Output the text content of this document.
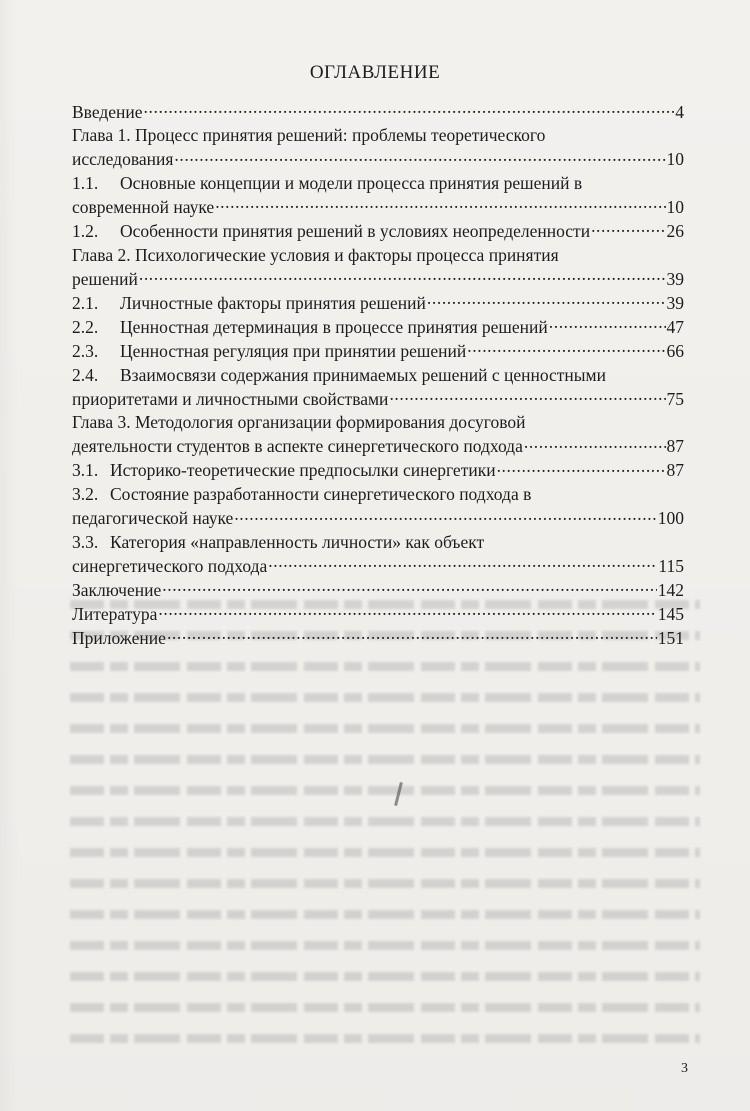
ОГЛАВЛЕНИЕ
Введение .....	4
Глава 1. Процесс принятия решений: проблемы теоретического
исследования .....	10
1.1.	Основные концепции и модели процесса принятия решений в
современной науке .....	10
1.2.	Особенности принятия решений в условиях неопределенности .....	26
Глава 2. Психологические условия и факторы процесса принятия
решений .....	39
2.1.	Личностные факторы принятия решений .....	39
2.2.	Ценностная детерминация в процессе принятия решений .....	47
2.3.	Ценностная регуляция при принятии решений .....	66
2.4.	Взаимосвязи содержания принимаемых решений с ценностными
приоритетами и личностными свойствами .....	75
Глава 3. Методология организации формирования досуговой
деятельности студентов в аспекте синергетического подхода .....	87
3.1. Историко-теоретические предпосылки синергетики .....	87
3.2. Состояние разработанности синергетического подхода в
педагогической науке .....	100
3.3. Категория «направленность личности» как объект
синергетического подхода .....	115
Заключение .....	142
Литература .....	145
Приложение .....	151
3
